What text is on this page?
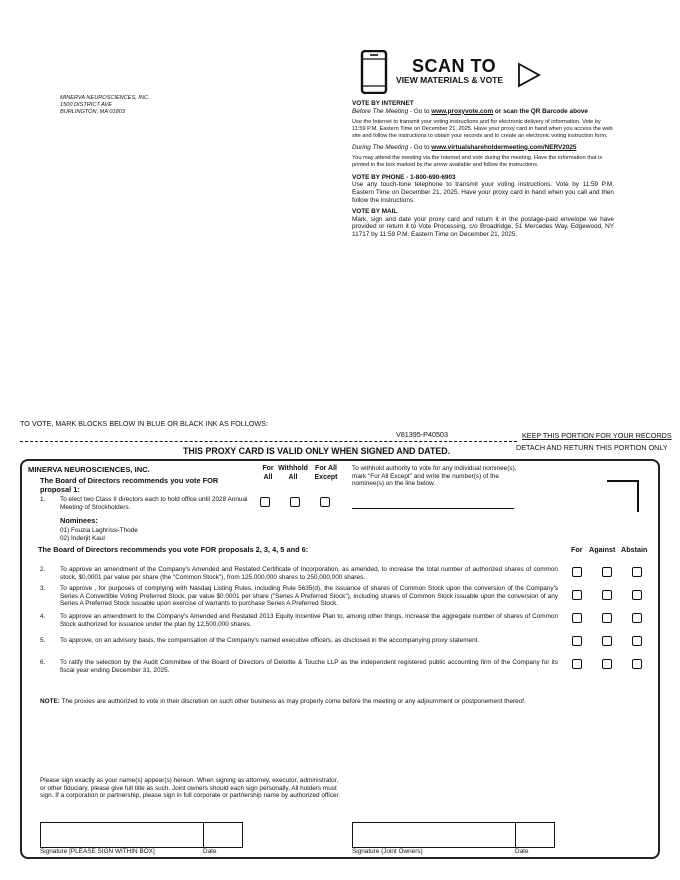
MINERVA NEUROSCIENCES, INC.
1500 DISTRICT AVE
BURLINGTON, MA 01803
SCAN TO
VIEW MATERIALS & VOTE
VOTE BY INTERNET
Before The Meeting - Go to www.proxyvote.com or scan the QR Barcode above
Use the Internet to transmit your voting instructions and for electronic delivery of information. Vote by 11:59 P.M. Eastern Time on December 21, 2025. Have your proxy card in hand when you access the web site and follow the instructions to obtain your records and to create an electronic voting instruction form.
During The Meeting - Go to www.virtualshareholdermeeting.com/NERV2025
You may attend the meeting via the Internet and vote during the meeting. Have the information that is printed in the box marked by the arrow available and follow the instructions.
VOTE BY PHONE - 1-800-690-6903
Use any touch-tone telephone to transmit your voting instructions. Vote by 11:59 P.M. Eastern Time on December 21, 2025. Have your proxy card in hand when you call and then follow the instructions.
VOTE BY MAIL
Mark, sign and date your proxy card and return it in the postage-paid envelope we have provided or return it to Vote Processing, c/o Broadridge, 51 Mercedes Way, Edgewood, NY 11717 by 11:59 P.M. Eastern Time on December 21, 2025.
TO VOTE, MARK BLOCKS BELOW IN BLUE OR BLACK INK AS FOLLOWS:
V81395-P40503	KEEP THIS PORTION FOR YOUR RECORDS
DETACH AND RETURN THIS PORTION ONLY
THIS PROXY CARD IS VALID ONLY WHEN SIGNED AND DATED.
MINERVA NEUROSCIENCES, INC.
The Board of Directors recommends you vote FOR proposal 1:
For All
Withhold All
For All Except
To withhold authority to vote for any individual nominee(s), mark "For All Except" and write the number(s) of the nominee(s) on the line below.
1. To elect two Class II directors each to hold office until 2028 Annual Meeting of Stockholders.
Nominees:
01) Fouzia Laghrissi-Thode
02) Inderjit Kaul
The Board of Directors recommends you vote FOR proposals 2, 3, 4, 5 and 6:	For Against Abstain
2. To approve an amendment of the Company's Amended and Restated Certificate of Incorporation, as amended, to increase the total number of authorized shares of common stock, $0.0001 par value per share (the "Common Stock"), from 125,000,000 shares to 250,000,000 shares.
3. To approve , for purposes of complying with Nasdaq Listing Rules, including Rule 5635(d), the issuance of shares of Common Stock upon the conversion of the Company's Series A Convertible Voting Preferred Stock, par value $0.0001 per share ("Series A Preferred Stock"), including shares of Common Stock issuable upon the conversion of any Series A Preferred Stock issuable upon exercise of warrants to purchase Series A Preferred Stock.
4. To approve an amendment to the Company's Amended and Restated 2013 Equity Incentive Plan to, among other things, increase the aggregate number of shares of Common Stock authorized for issuance under the plan by 12,500,000 shares.
5. To approve, on an advisory basis, the compensation of the Company's named executive officers, as disclosed in the accompanying proxy statement.
6. To ratify the selection by the Audit Committee of the Board of Directors of Deloitte & Touche LLP as the independent registered public accounting firm of the Company for its fiscal year ending December 31, 2025.
NOTE: The proxies are authorized to vote in their discretion on such other business as may properly come before the meeting or any adjournment or postponement thereof.
Please sign exactly as your name(s) appear(s) hereon. When signing as attorney, executor, administrator, or other fiduciary, please give full title as such. Joint owners should each sign personally. All holders must sign. If a corporation or partnership, please sign in full corporate or partnership name by authorized officer.
Signature [PLEASE SIGN WITHIN BOX]	Date	Signature (Joint Owners)	Date
